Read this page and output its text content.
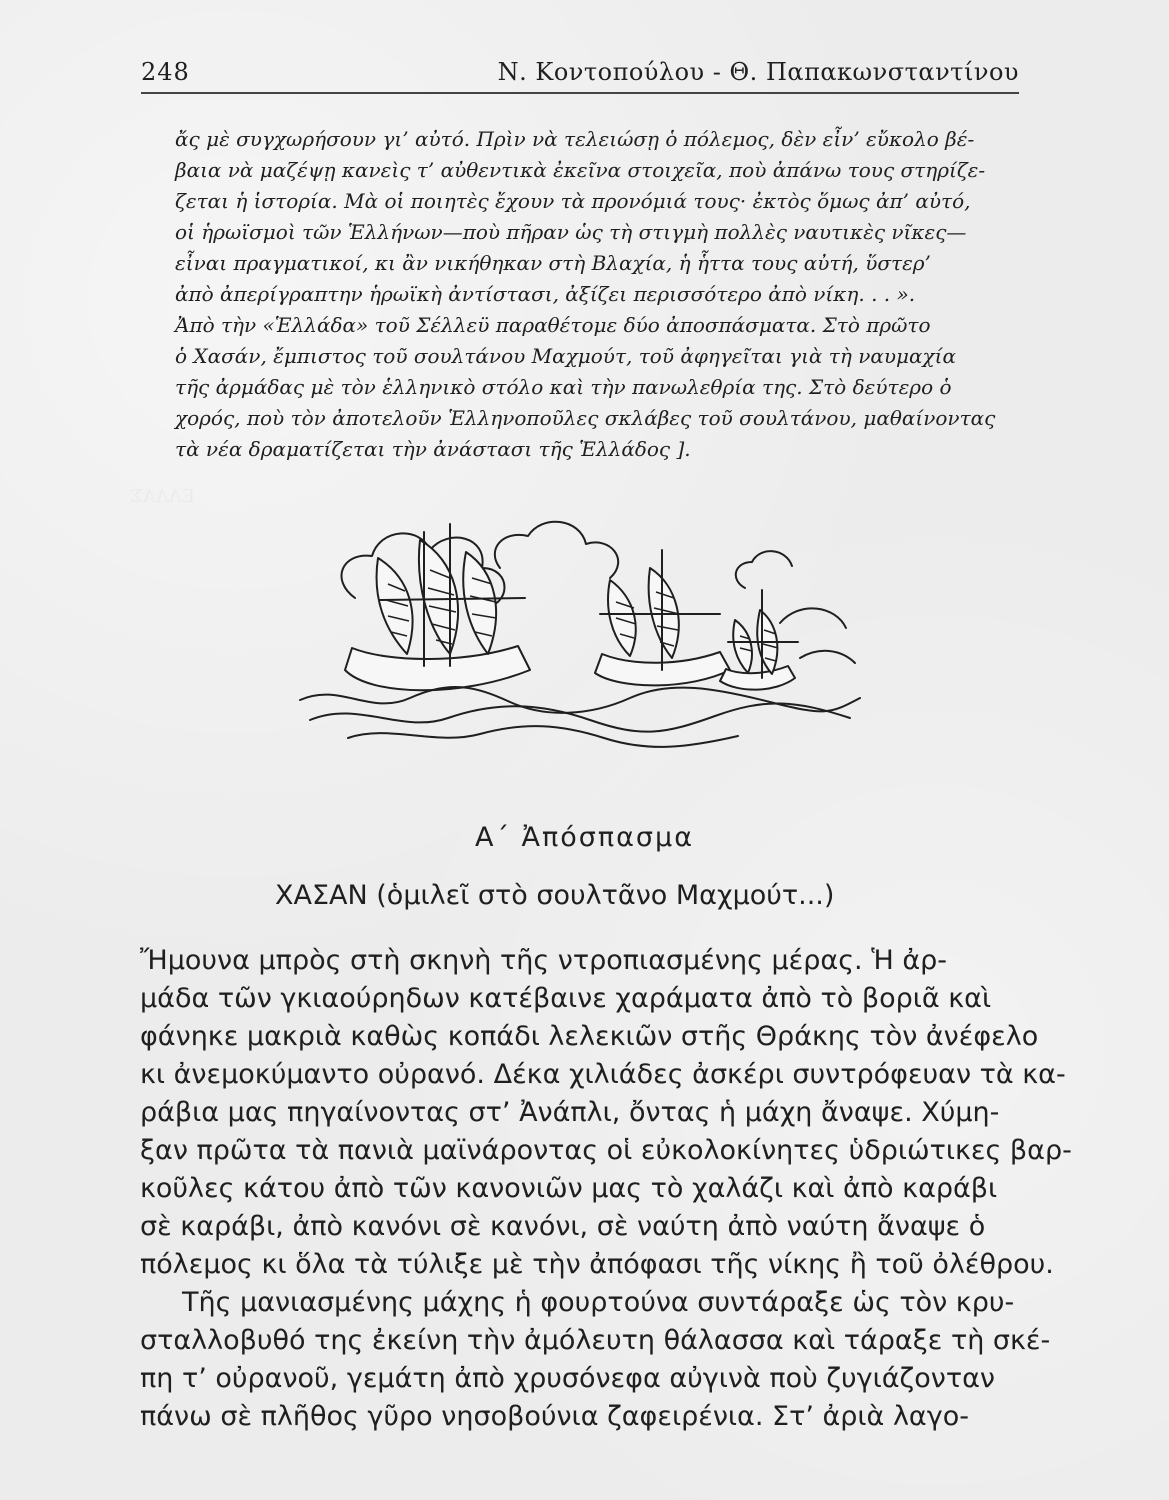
ΕΛΛΑΣ
248	Ν. Κοντοπούλου - Θ. Παπακωνσταντίνου

ἄς μὲ συγχωρήσουν γι’ αὐτό. Πρὶν νὰ τελειώσῃ ὁ πόλεμος, δὲν εἶν’ εὔκολο βέ-

βαια νὰ μαζέψῃ κανεὶς τ’ αὐθεντικὰ ἐκεῖνα στοιχεῖα, ποὺ ἀπάνω τους στηρίζε-

ζεται ἡ ἱστορία. Μὰ οἱ ποιητὲς ἔχουν τὰ προνόμιά τους· ἐκτὸς ὅμως ἀπ’ αὐτό,

οἱ ἡρωϊσμοὶ τῶν Ἑλλήνων—ποὺ πῆραν ὡς τὴ στιγμὴ πολλὲς ναυτικὲς νῖκες—

εἶναι πραγματικοί, κι ἂν νικήθηκαν στὴ Βλαχία, ἡ ἧττα τους αὐτή, ὕστερ’

ἀπὸ ἀπερίγραπτην ἡρωϊκὴ ἀντίστασι, ἀξίζει περισσότερο ἀπὸ νίκη. . . ».

Ἀπὸ τὴν «Ἑλλάδα» τοῦ Σέλλεϋ παραθέτομε δύο ἀποσπάσματα. Στὸ πρῶτο

ὁ Χασάν, ἔμπιστος τοῦ σουλτάνου Μαχμούτ, τοῦ ἀφηγεῖται γιὰ τὴ ναυμαχία

τῆς ἀρμάδας μὲ τὸν ἑλληνικὸ στόλο καὶ τὴν πανωλεθρία της. Στὸ δεύτερο ὁ

χορός, ποὺ τὸν ἀποτελοῦν Ἑλληνοποῦλες σκλάβες τοῦ σουλτάνου, μαθαίνοντας

τὰ νέα δραματίζεται τὴν ἀνάστασι τῆς Ἑλλάδος ].

Α΄ Ἀπόσπασμα
ΧΑΣΑΝ (ὁμιλεῖ στὸ σουλτᾶνο Μαχμούτ...)

Ἤμουνα μπρὸς στὴ σκηνὴ τῆς ντροπιασμένης μέρας. Ἡ ἀρ-

μάδα τῶν γκιαούρηδων κατέβαινε χαράματα ἀπὸ τὸ βοριᾶ καὶ

φάνηκε μακριὰ καθὼς κοπάδι λελεκιῶν στῆς Θράκης τὸν ἀνέφελο

κι ἀνεμοκύμαντο οὐρανό. Δέκα χιλιάδες ἀσκέρι συντρόφευαν τὰ κα-

ράβια μας πηγαίνοντας στ’ Ἀνάπλι, ὄντας ἡ μάχη ἄναψε. Χύμη-

ξαν πρῶτα τὰ πανιὰ μαϊνάροντας οἱ εὐκολοκίνητες ὑδριώτικες βαρ-

κοῦλες κάτου ἀπὸ τῶν κανονιῶν μας τὸ χαλάζι καὶ ἀπὸ καράβι

σὲ καράβι, ἀπὸ κανόνι σὲ κανόνι, σὲ ναύτη ἀπὸ ναύτη ἄναψε ὁ

πόλεμος κι ὅλα τὰ τύλιξε μὲ τὴν ἀπόφασι τῆς νίκης ἢ τοῦ ὀλέθρου.

Τῆς μανιασμένης μάχης ἡ φουρτούνα συντάραξε ὡς τὸν κρυ-

σταλλοβυθό της ἐκείνη τὴν ἀμόλευτη θάλασσα καὶ τάραξε τὴ σκέ-

πη τ’ οὐρανοῦ, γεμάτη ἀπὸ χρυσόνεφα αὐγινὰ ποὺ ζυγιάζονταν

πάνω σὲ πλῆθος γῦρο νησοβούνια ζαφειρένια. Στ’ ἀριὰ λαγο-
